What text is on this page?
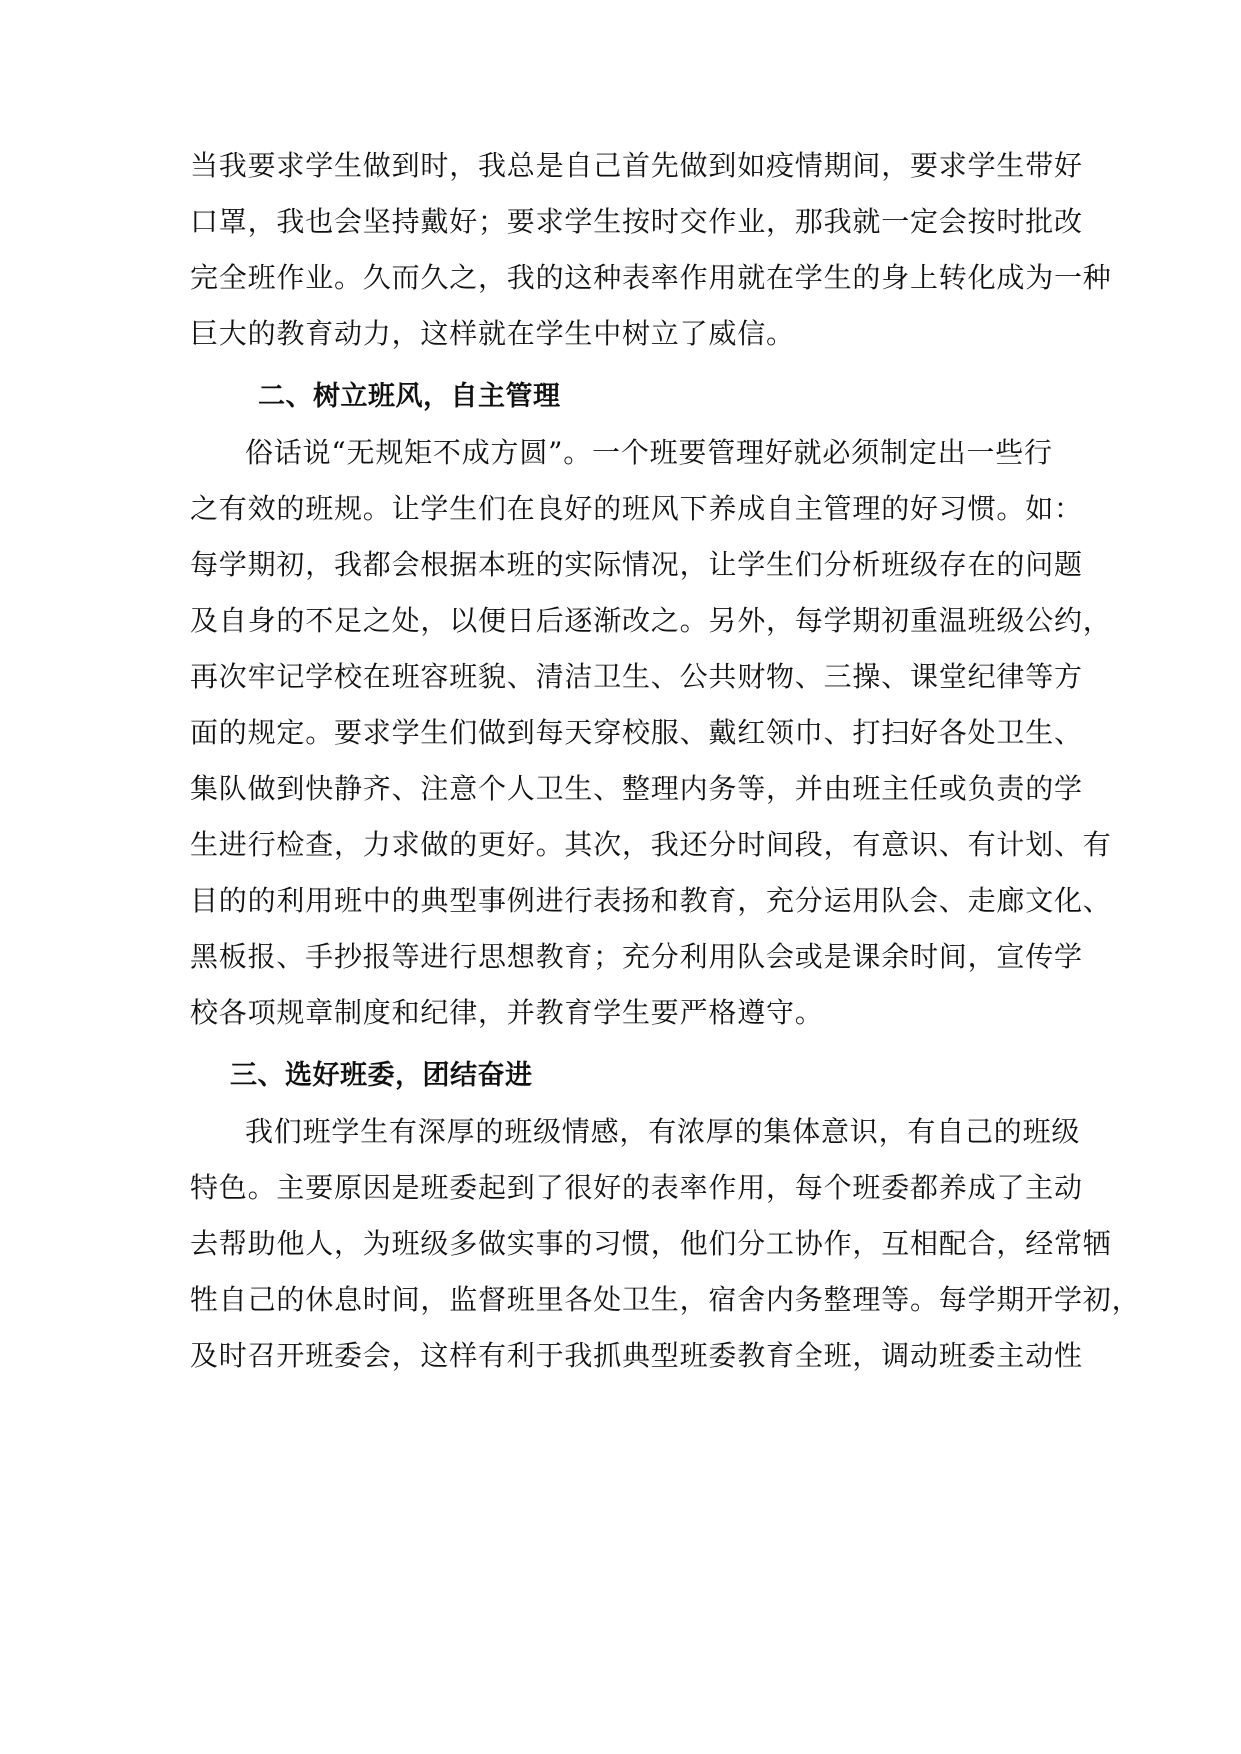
当我要求学生做到时，我总是自己首先做到如疫情期间，要求学生带好

口罩，我也会坚持戴好；要求学生按时交作业，那我就一定会按时批改

完全班作业。久而久之，我的这种表率作用就在学生的身上转化成为一种

巨大的教育动力，这样就在学生中树立了威信。

二、树立班风，自主管理

俗话说“无规矩不成方圆”。一个班要管理好就必须制定出一些行

之有效的班规。让学生们在良好的班风下养成自主管理的好习惯。如：

每学期初，我都会根据本班的实际情况，让学生们分析班级存在的问题

及自身的不足之处，以便日后逐渐改之。另外，每学期初重温班级公约，

再次牢记学校在班容班貌、清洁卫生、公共财物、三操、课堂纪律等方

面的规定。要求学生们做到每天穿校服、戴红领巾、打扫好各处卫生、

集队做到快静齐、注意个人卫生、整理内务等，并由班主任或负责的学

生进行检查，力求做的更好。其次，我还分时间段，有意识、有计划、有

目的的利用班中的典型事例进行表扬和教育，充分运用队会、走廊文化、

黑板报、手抄报等进行思想教育；充分利用队会或是课余时间，宣传学

校各项规章制度和纪律，并教育学生要严格遵守。

三、选好班委，团结奋进

我们班学生有深厚的班级情感，有浓厚的集体意识，有自己的班级

特色。主要原因是班委起到了很好的表率作用，每个班委都养成了主动

去帮助他人，为班级多做实事的习惯，他们分工协作，互相配合，经常牺

牲自己的休息时间，监督班里各处卫生，宿舍内务整理等。每学期开学初，

及时召开班委会，这样有利于我抓典型班委教育全班，调动班委主动性
